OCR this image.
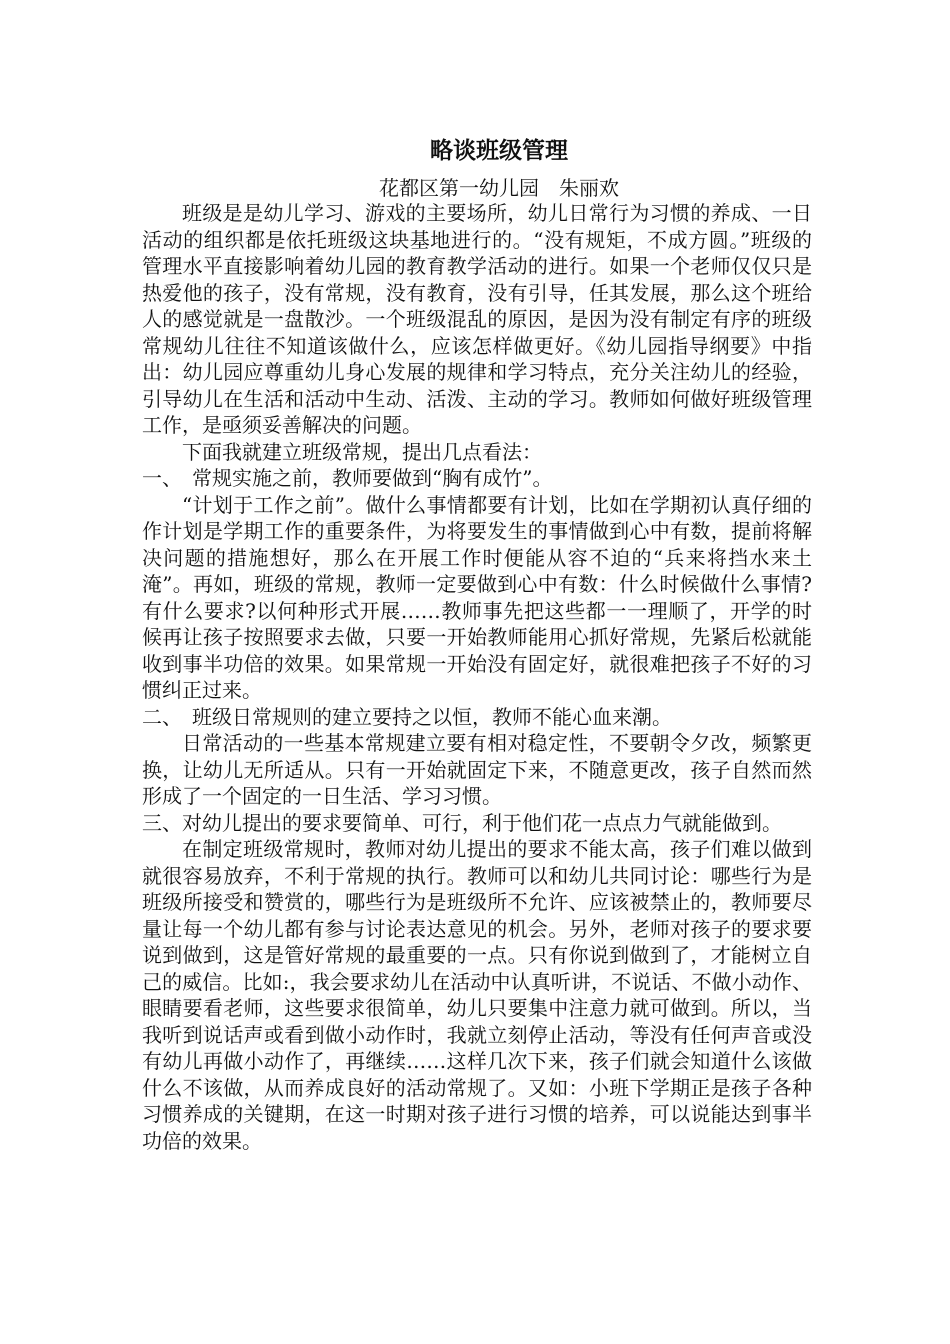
略谈班级管理

花都区第一幼儿园　朱丽欢

班级是是幼儿学习、游戏的主要场所，幼儿日常行为习惯的养成、一日活动的组织都是依托班级这块基地进行的。“没有规矩，不成方圆。”班级的管理水平直接影响着幼儿园的教育教学活动的进行。如果一个老师仅仅只是热爱他的孩子，没有常规，没有教育，没有引导，任其发展，那么这个班给人的感觉就是一盘散沙。一个班级混乱的原因，是因为没有制定有序的班级常规幼儿往往不知道该做什么，应该怎样做更好。《幼儿园指导纲要》中指出：幼儿园应尊重幼儿身心发展的规律和学习特点，充分关注幼儿的经验，引导幼儿在生活和活动中生动、活泼、主动的学习。教师如何做好班级管理工作，是亟须妥善解决的问题。

下面我就建立班级常规，提出几点看法：

一、　常规实施之前，教师要做到“胸有成竹”。

“计划于工作之前”。做什么事情都要有计划，比如在学期初认真仔细的作计划是学期工作的重要条件，为将要发生的事情做到心中有数，提前将解决问题的措施想好，那么在开展工作时便能从容不迫的“兵来将挡水来土淹”。再如，班级的常规，教师一定要做到心中有数：什么时候做什么事情?有什么要求?以何种形式开展……教师事先把这些都一一理顺了，开学的时候再让孩子按照要求去做，只要一开始教师能用心抓好常规，先紧后松就能收到事半功倍的效果。如果常规一开始没有固定好，就很难把孩子不好的习惯纠正过来。

二、　班级日常规则的建立要持之以恒，教师不能心血来潮。

日常活动的一些基本常规建立要有相对稳定性，不要朝令夕改，频繁更换，让幼儿无所适从。只有一开始就固定下来，不随意更改，孩子自然而然形成了一个固定的一日生活、学习习惯。

三、对幼儿提出的要求要简单、可行，利于他们花一点点力气就能做到。

在制定班级常规时，教师对幼儿提出的要求不能太高，孩子们难以做到就很容易放弃，不利于常规的执行。教师可以和幼儿共同讨论：哪些行为是班级所接受和赞赏的，哪些行为是班级所不允许、应该被禁止的，教师要尽量让每一个幼儿都有参与讨论表达意见的机会。另外，老师对孩子的要求要说到做到，这是管好常规的最重要的一点。只有你说到做到了，才能树立自己的威信。比如:，我会要求幼儿在活动中认真听讲，不说话、不做小动作、眼睛要看老师，这些要求很简单，幼儿只要集中注意力就可做到。所以，当我听到说话声或看到做小动作时，我就立刻停止活动，等没有任何声音或没有幼儿再做小动作了，再继续……这样几次下来，孩子们就会知道什么该做什么不该做，从而养成良好的活动常规了。又如：小班下学期正是孩子各种习惯养成的关键期，在这一时期对孩子进行习惯的培养，可以说能达到事半功倍的效果。
